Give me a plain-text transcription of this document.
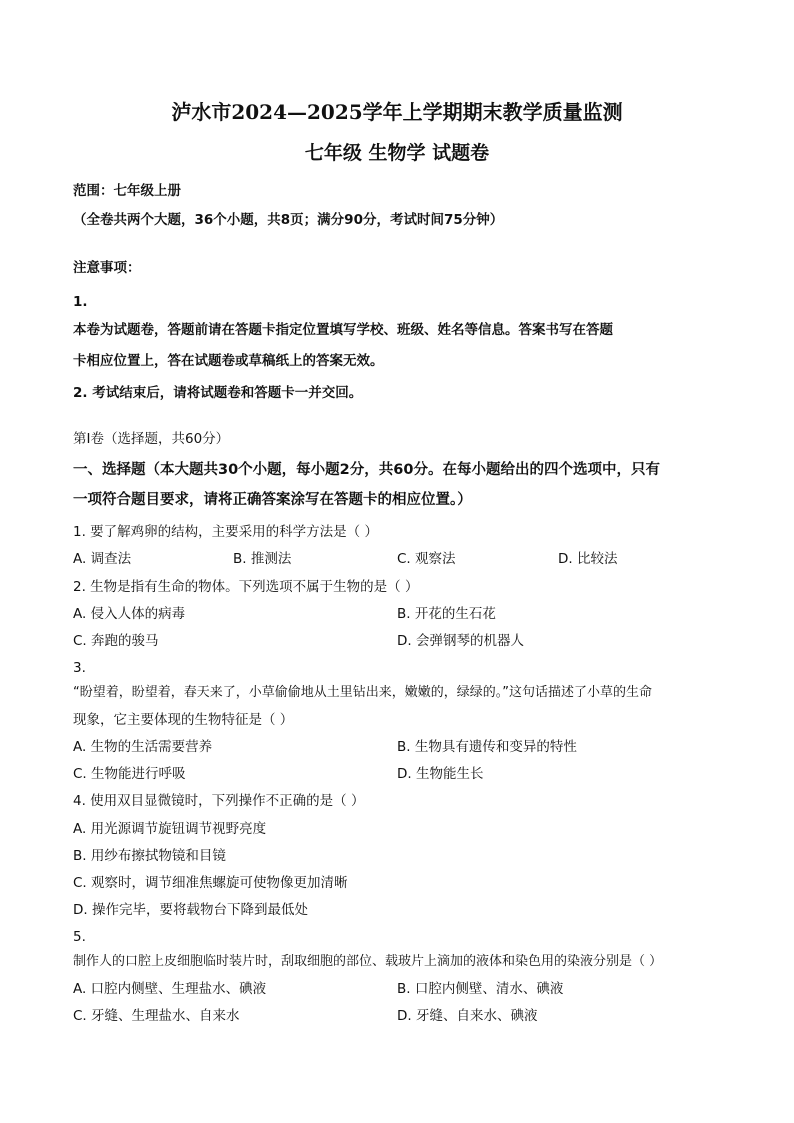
泸水市2024—2025学年上学期期末教学质量监测
七年级 生物学 试题卷
范围：七年级上册
（全卷共两个大题，36个小题，共8页；满分90分，考试时间75分钟）
注意事项：
1.
本卷为试题卷，答题前请在答题卡指定位置填写学校、班级、姓名等信息。答案书写在答题
卡相应位置上，答在试题卷或草稿纸上的答案无效。
2. 考试结束后，请将试题卷和答题卡一并交回。
第Ⅰ卷（选择题，共60分）
一、选择题（本大题共30个小题，每小题2分，共60分。在每小题给出的四个选项中，只有
一项符合题目要求，请将正确答案涂写在答题卡的相应位置。）
1. 要了解鸡卵的结构，主要采用的科学方法是（ ）
A. 调查法	B. 推测法	C. 观察法	D. 比较法
2. 生物是指有生命的物体。下列选项不属于生物的是（ ）
A. 侵入人体的病毒	B. 开花的生石花
C. 奔跑的骏马	D. 会弹钢琴的机器人
3.
“盼望着，盼望着，春天来了，小草偷偷地从土里钻出来，嫩嫩的，绿绿的。”这句话描述了小草的生命
现象，它主要体现的生物特征是（ ）
A. 生物的生活需要营养	B. 生物具有遗传和变异的特性
C. 生物能进行呼吸	D. 生物能生长
4. 使用双目显微镜时，下列操作不正确的是（ ）
A. 用光源调节旋钮调节视野亮度
B. 用纱布擦拭物镜和目镜
C. 观察时，调节细准焦螺旋可使物像更加清晰
D. 操作完毕，要将载物台下降到最低处
5.
制作人的口腔上皮细胞临时装片时，刮取细胞的部位、载玻片上滴加的液体和染色用的染液分别是（ ）
A. 口腔内侧壁、生理盐水、碘液	B. 口腔内侧壁、清水、碘液
C. 牙缝、生理盐水、自来水	D. 牙缝、自来水、碘液
